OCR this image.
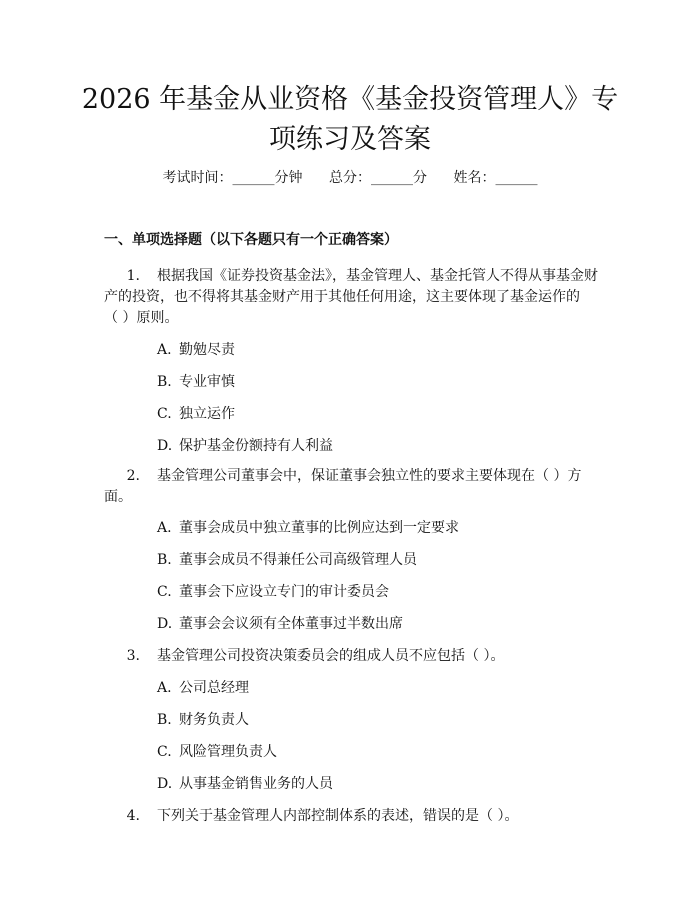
2026 年基金从业资格《基金投资管理人》专
项练习及答案
考试时间：______分钟 总分：______分 姓名：______
一、单项选择题（以下各题只有一个正确答案）
1. 根据我国《证券投资基金法》，基金管理人、基金托管人不得从事基金财
产的投资，也不得将其基金财产用于其他任何用途，这主要体现了基金运作的
（ ）原则。
A. 勤勉尽责
B. 专业审慎
C. 独立运作
D. 保护基金份额持有人利益
2. 基金管理公司董事会中，保证董事会独立性的要求主要体现在（ ）方
面。
A. 董事会成员中独立董事的比例应达到一定要求
B. 董事会成员不得兼任公司高级管理人员
C. 董事会下应设立专门的审计委员会
D. 董事会会议须有全体董事过半数出席
3. 基金管理公司投资决策委员会的组成人员不应包括（ ）。
A. 公司总经理
B. 财务负责人
C. 风险管理负责人
D. 从事基金销售业务的人员
4. 下列关于基金管理人内部控制体系的表述，错误的是（ ）。
